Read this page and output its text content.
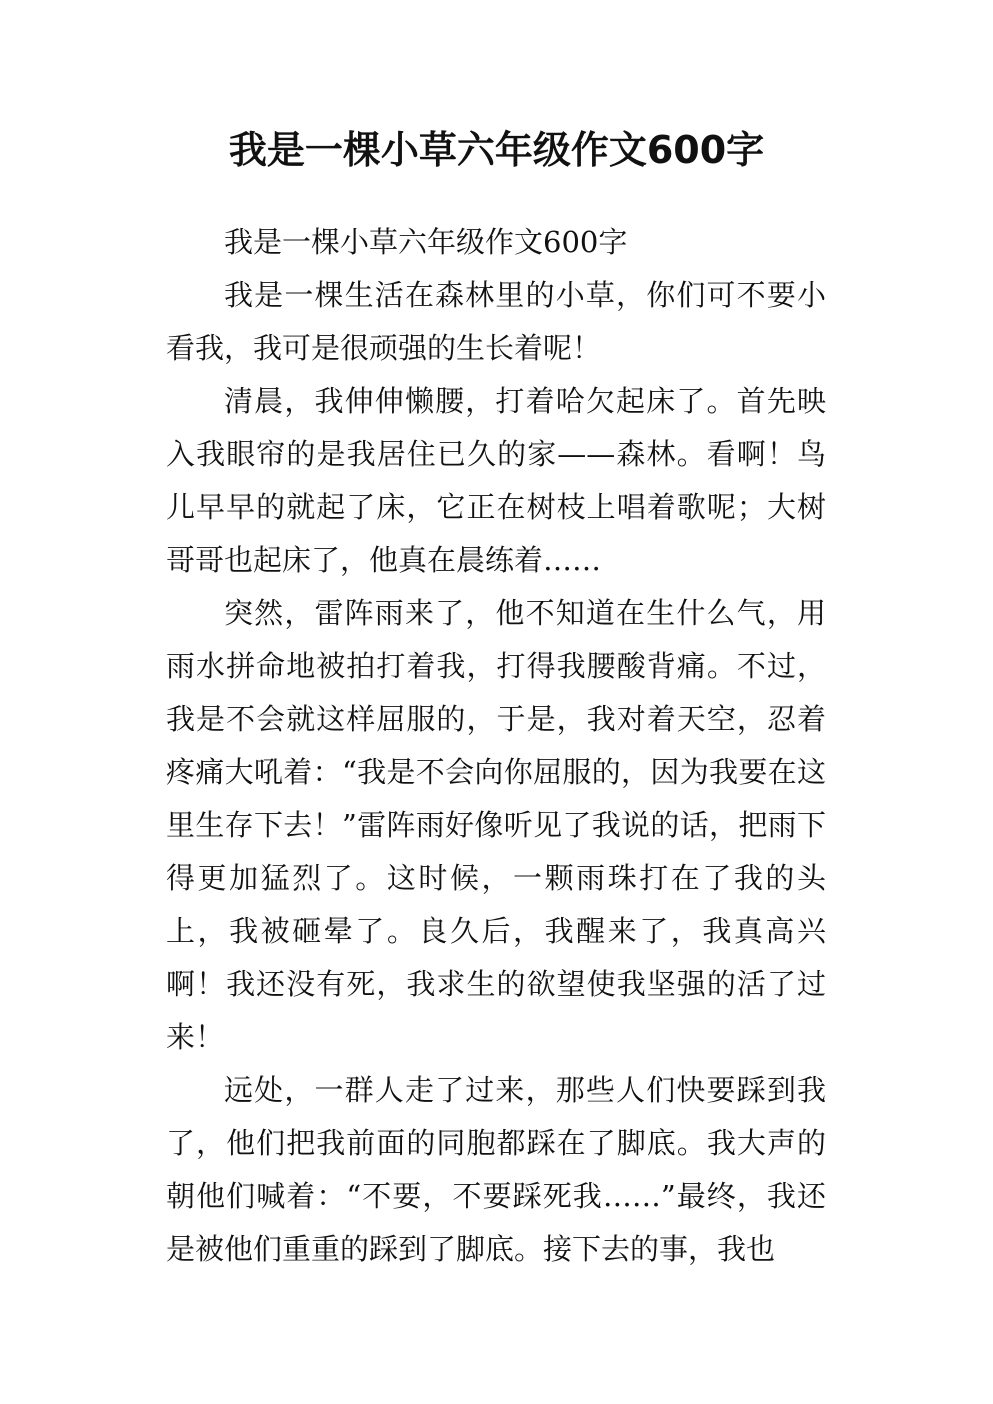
我是一棵小草六年级作文600字

我是一棵小草六年级作文600字

我是一棵生活在森林里的小草，你们可不要小看我，我可是很顽强的生长着呢！

清晨，我伸伸懒腰，打着哈欠起床了。首先映入我眼帘的是我居住已久的家——森林。看啊！鸟儿早早的就起了床，它正在树枝上唱着歌呢；大树哥哥也起床了，他真在晨练着……

突然，雷阵雨来了，他不知道在生什么气，用雨水拼命地被拍打着我，打得我腰酸背痛。不过，我是不会就这样屈服的，于是，我对着天空，忍着疼痛大吼着：“我是不会向你屈服的，因为我要在这里生存下去！”雷阵雨好像听见了我说的话，把雨下得更加猛烈了。这时候，一颗雨珠打在了我的头上，我被砸晕了。良久后，我醒来了，我真高兴啊！我还没有死，我求生的欲望使我坚强的活了过来！

远处，一群人走了过来，那些人们快要踩到我了，他们把我前面的同胞都踩在了脚底。我大声的朝他们喊着：“不要，不要踩死我……”最终，我还是被他们重重的踩到了脚底。接下去的事，我也
